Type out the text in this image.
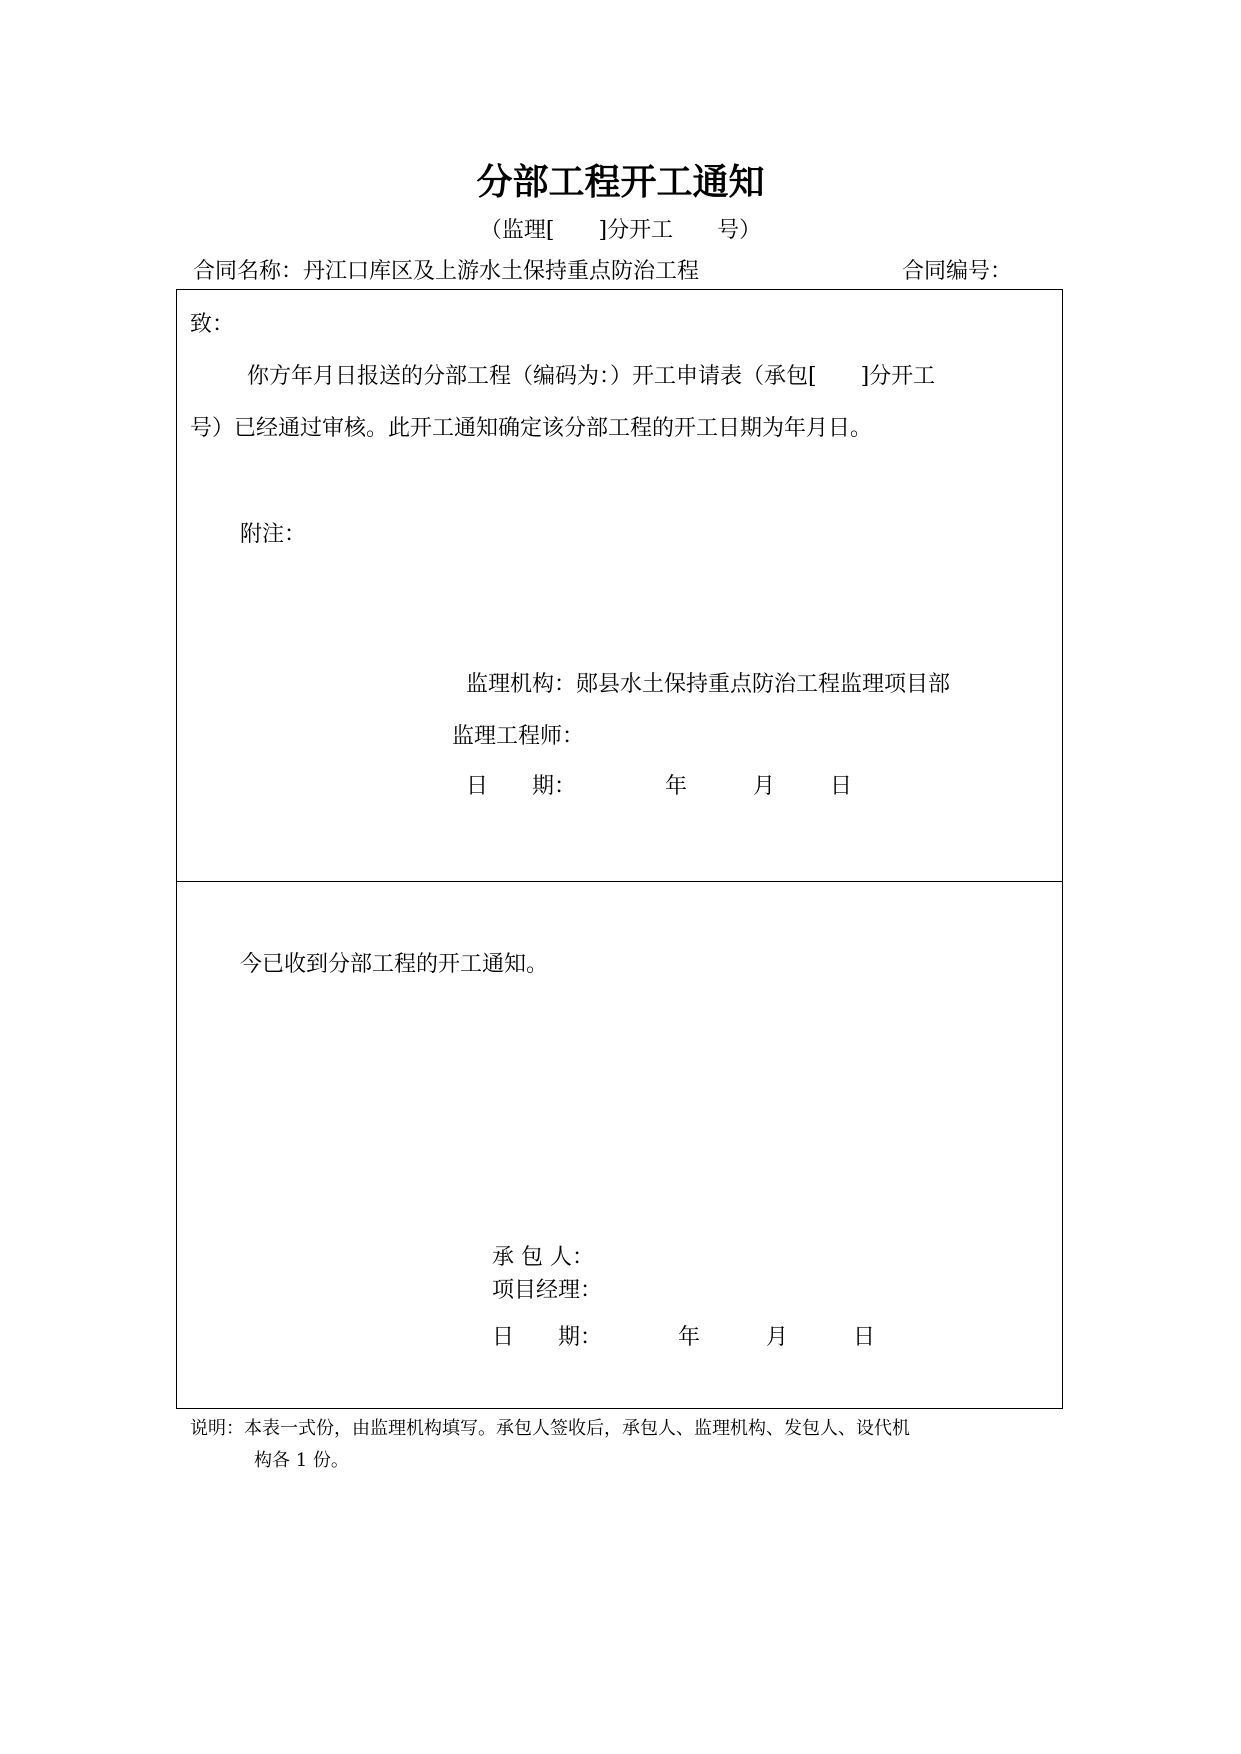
分部工程开工通知
（监理[　　]分开工　　号）
合同名称：丹江口库区及上游水土保持重点防治工程	合同编号：
致：
你方年月日报送的分部工程（编码为：）开工申请表（承包[　　]分开工
号）已经通过审核。此开工通知确定该分部工程的开工日期为年月日。
附注：
监理机构：郧县水土保持重点防治工程监理项目部
监理工程师：
日　　期：	年	月 日
今已收到分部工程的开工通知。
承 包 人：
项目经理：
日　　期：	年	月	日
说明：本表一式份，由监理机构填写。承包人签收后，承包人、监理机构、发包人、设代机
构各 1 份。
